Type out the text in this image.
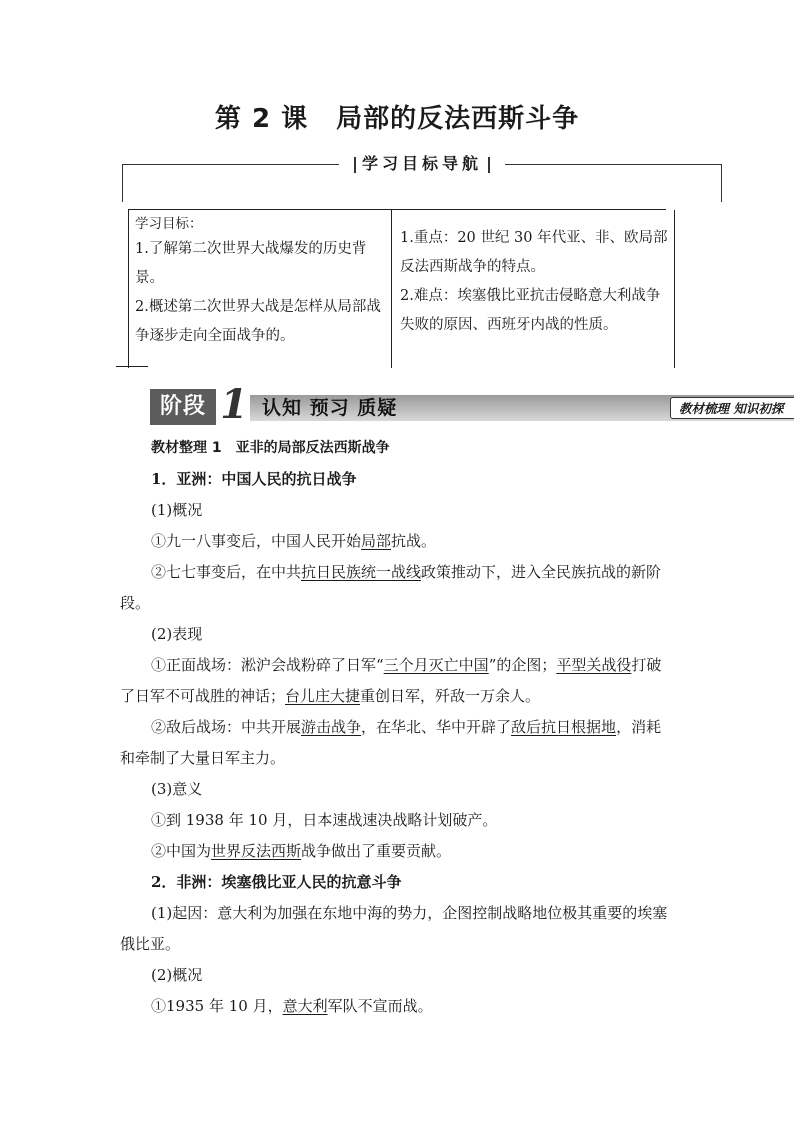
第 2 课 局部的反法西斯斗争
学习目标导航
学习目标：
1.了解第二次世界大战爆发的历史背景。
2.概述第二次世界大战是怎样从局部战争逐步走向全面战争的。
1.重点：20 世纪 30 年代亚、非、欧局部反法西斯战争的特点。
2.难点：埃塞俄比亚抗击侵略意大利战争失败的原因、西班牙内战的性质。
阶段 1 认知 预习 质疑	教材梳理 知识初探

教材整理 1　亚非的局部反法西斯战争

1．亚洲：中国人民的抗日战争

(1)概况

①九一八事变后，中国人民开始局部抗战。

②七七事变后，在中共抗日民族统一战线政策推动下，进入全民族抗战的新阶段。

(2)表现

①正面战场：淞沪会战粉碎了日军“三个月灭亡中国”的企图；平型关战役打破了日军不可战胜的神话；台儿庄大捷重创日军，歼敌一万余人。

②敌后战场：中共开展游击战争，在华北、华中开辟了敌后抗日根据地，消耗和牵制了大量日军主力。

(3)意义

①到 1938 年 10 月，日本速战速决战略计划破产。

②中国为世界反法西斯战争做出了重要贡献。

2．非洲：埃塞俄比亚人民的抗意斗争

(1)起因：意大利为加强在东地中海的势力，企图控制战略地位极其重要的埃塞俄比亚。

(2)概况

①1935 年 10 月，意大利军队不宣而战。
